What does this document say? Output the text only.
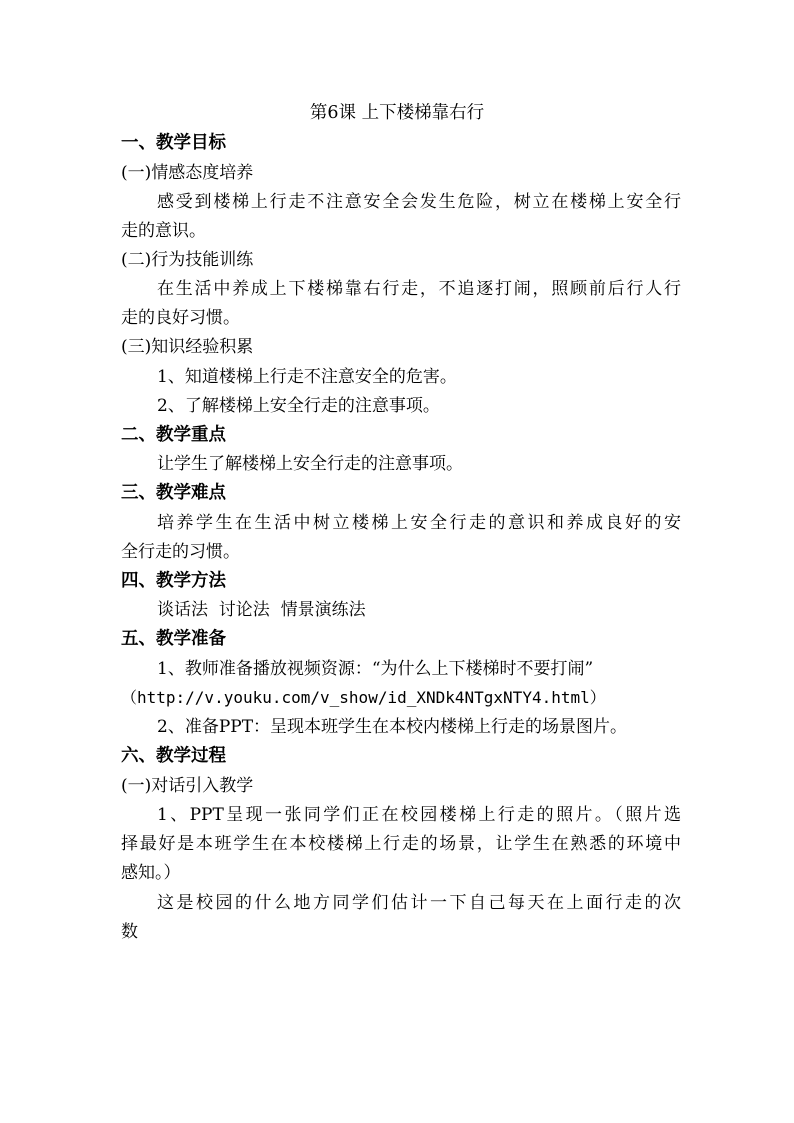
第6课 上下楼梯靠右行
一、教学目标
(一)情感态度培养
感受到楼梯上行走不注意安全会发生危险，树立在楼梯上安全行
走的意识。
(二)行为技能训练
在生活中养成上下楼梯靠右行走，不追逐打闹，照顾前后行人行
走的良好习惯。
(三)知识经验积累
1、知道楼梯上行走不注意安全的危害。
2、了解楼梯上安全行走的注意事项。
二、教学重点
让学生了解楼梯上安全行走的注意事项。
三、教学难点
培养学生在生活中树立楼梯上安全行走的意识和养成良好的安
全行走的习惯。
四、教学方法
谈话法  讨论法  情景演练法
五、教学准备
1、教师准备播放视频资源：“为什么上下楼梯时不要打闹”
（http://v.youku.com/v_show/id_XNDk4NTgxNTY4.html）
2、准备PPT：呈现本班学生在本校内楼梯上行走的场景图片。
六、教学过程
(一)对话引入教学
1、PPT呈现一张同学们正在校园楼梯上行走的照片。（照片选
择最好是本班学生在本校楼梯上行走的场景，让学生在熟悉的环境中
感知。）
这是校园的什么地方同学们估计一下自己每天在上面行走的次
数
